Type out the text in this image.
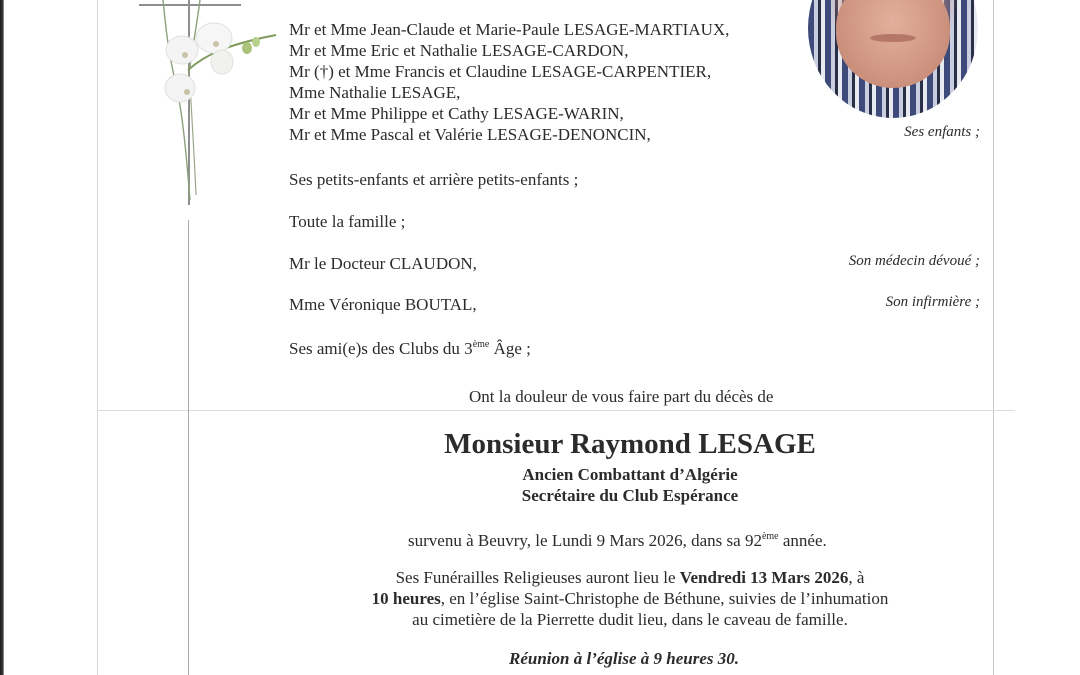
Mr et Mme Jean-Claude et Marie-Paule LESAGE-MARTIAUX,
Mr et Mme Eric et Nathalie LESAGE-CARDON,
Mr (†) et Mme Francis et Claudine LESAGE-CARPENTIER,
Mme Nathalie LESAGE,
Mr et Mme Philippe et Cathy LESAGE-WARIN,
Mr et Mme Pascal et Valérie LESAGE-DENONCIN,	Ses enfants ;
Ses petits-enfants et arrière petits-enfants ;
Toute la famille ;
Mr le Docteur CLAUDON,	Son médecin dévoué ;
Mme Véronique BOUTAL,	Son infirmière ;
Ses ami(e)s des Clubs du 3ème Âge ;
Ont la douleur de vous faire part du décès de
Monsieur Raymond LESAGE
Ancien Combattant d’Algérie
Secrétaire du Club Espérance
survenu à Beuvry, le Lundi 9 Mars 2026, dans sa 92ème année.
Ses Funérailles Religieuses auront lieu le Vendredi 13 Mars 2026, à
10 heures, en l’église Saint-Christophe de Béthune, suivies de l’inhumation
au cimetière de la Pierrette dudit lieu, dans le caveau de famille.
Réunion à l’église à 9 heures 30.
